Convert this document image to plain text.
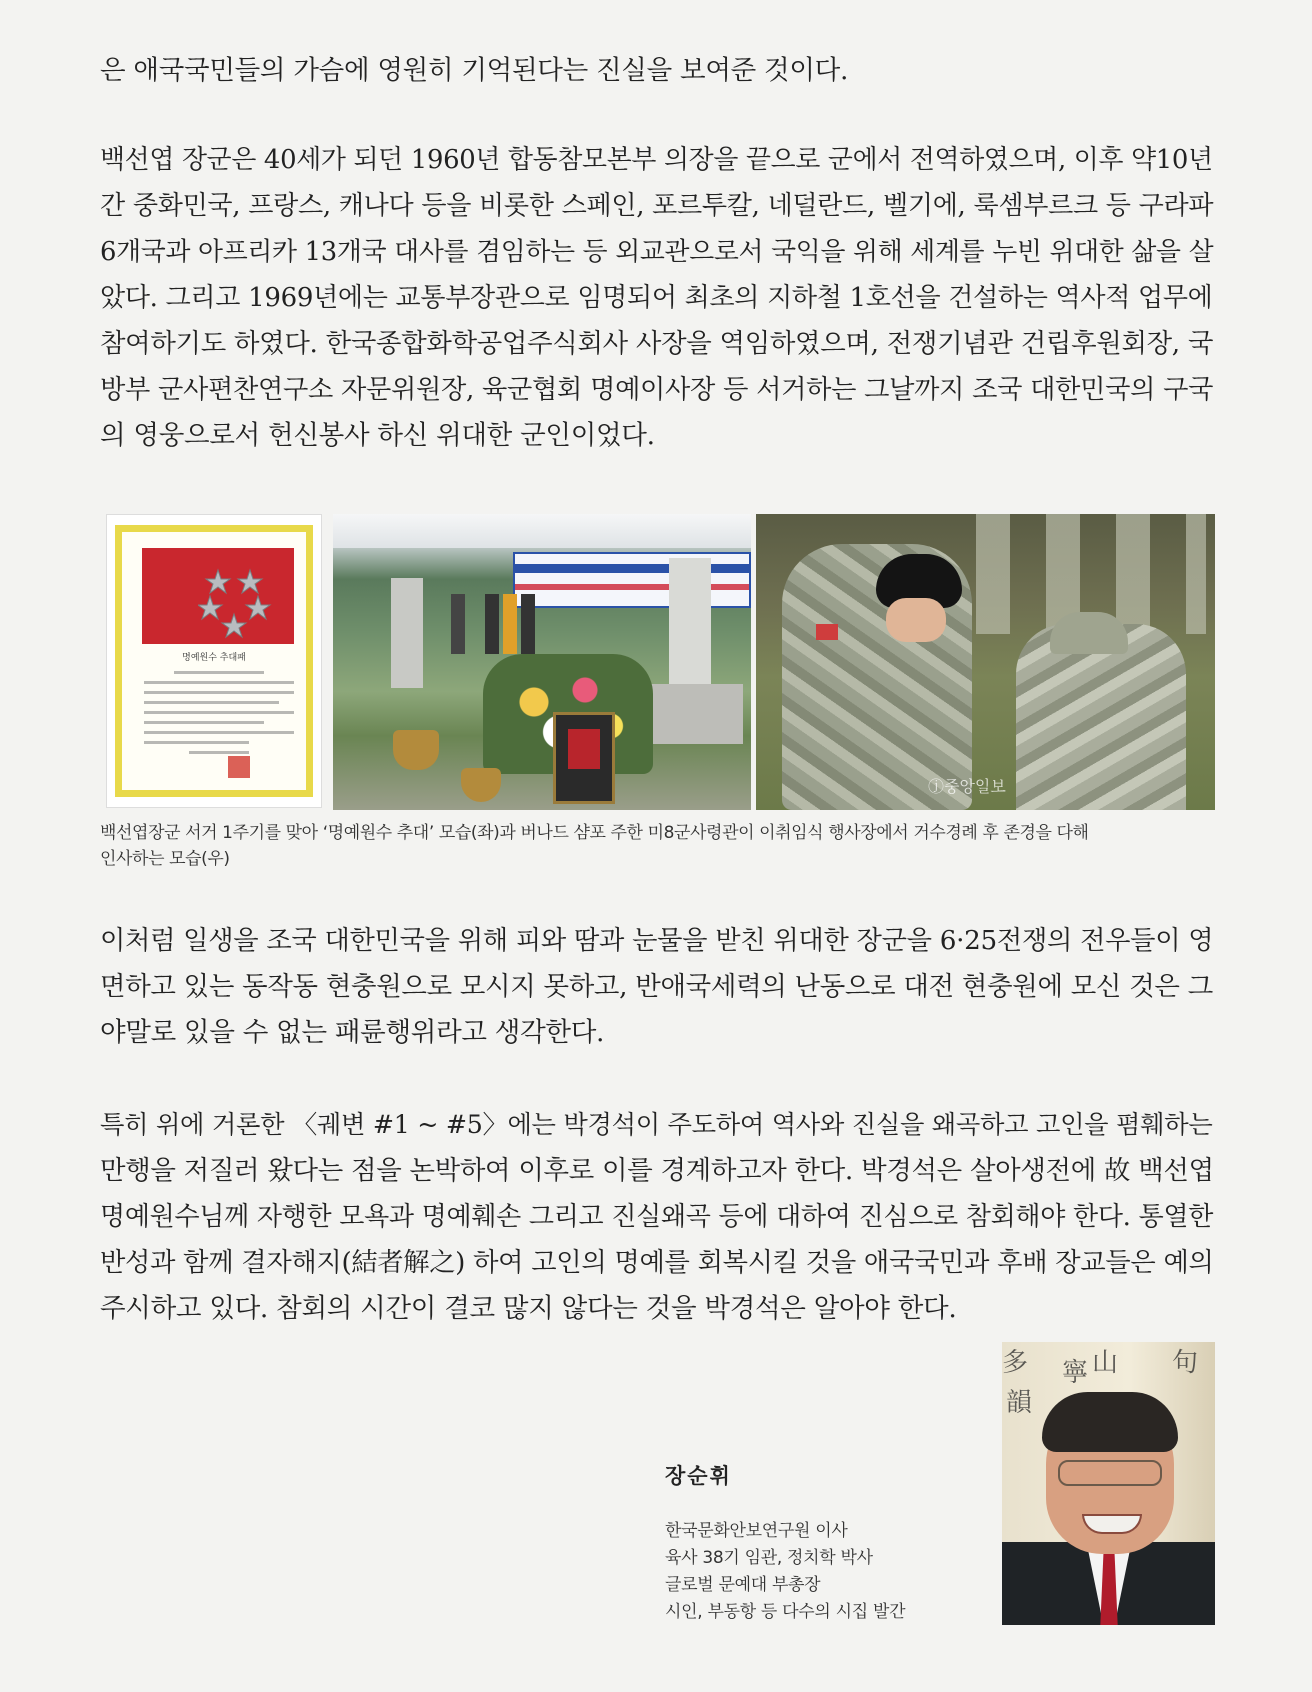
은 애국국민들의 가슴에 영원히 기억된다는 진실을 보여준 것이다.
백선엽 장군은 40세가 되던 1960년 합동참모본부 의장을 끝으로 군에서 전역하였으며, 이후 약10년
간 중화민국, 프랑스, 캐나다 등을 비롯한 스페인, 포르투칼, 네덜란드, 벨기에, 룩셈부르크 등 구라파
6개국과 아프리카 13개국 대사를 겸임하는 등 외교관으로서 국익을 위해 세계를 누빈 위대한 삶을 살
았다. 그리고 1969년에는 교통부장관으로 임명되어 최초의 지하철 1호선을 건설하는 역사적 업무에
참여하기도 하였다. 한국종합화학공업주식회사 사장을 역임하였으며, 전쟁기념관 건립후원회장, 국
방부 군사편찬연구소 자문위원장, 육군협회 명예이사장 등 서거하는 그날까지 조국 대한민국의 구국
의 영웅으로서 헌신봉사 하신 위대한 군인이었다.
명예원수 추대패
ⓙ중앙일보
백선엽장군 서거 1주기를 맞아 ‘명예원수 추대’ 모습(좌)과 버나드 샴포 주한 미8군사령관이 이취임식 행사장에서 거수경례 후 존경을 다해
인사하는 모습(우)
이처럼 일생을 조국 대한민국을 위해 피와 땀과 눈물을 받친 위대한 장군을 6·25전쟁의 전우들이 영
면하고 있는 동작동 현충원으로 모시지 못하고, 반애국세력의 난동으로 대전 현충원에 모신 것은 그
야말로 있을 수 없는 패륜행위라고 생각한다.
특히 위에 거론한 〈궤변 #1 ~ #5〉에는 박경석이 주도하여 역사와 진실을 왜곡하고 고인을 폄훼하는
만행을 저질러 왔다는 점을 논박하여 이후로 이를 경계하고자 한다. 박경석은 살아생전에 故 백선엽
명예원수님께 자행한 모욕과 명예훼손 그리고 진실왜곡 등에 대하여 진심으로 참회해야 한다. 통열한
반성과 함께 결자해지(結者解之) 하여 고인의 명예를 회복시킬 것을 애국국민과 후배 장교들은 예의
주시하고 있다. 참회의 시간이 결코 많지 않다는 것을 박경석은 알아야 한다.
장순휘
한국문화안보연구원 이사
육사 38기 임관, 정치학 박사
글로벌 문예대 부총장
시인, 부동항 등 다수의 시집 발간
多
韻
山
寧	句
